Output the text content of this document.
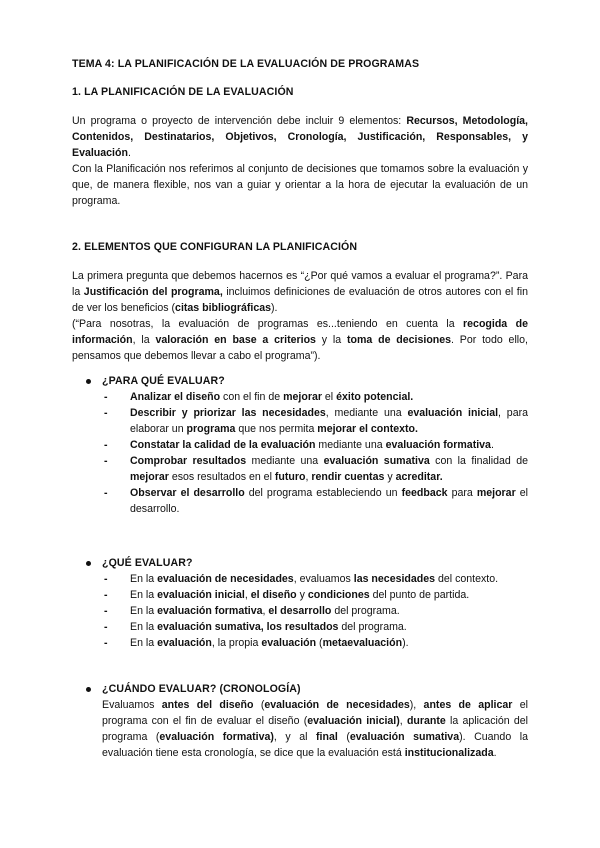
TEMA 4: LA PLANIFICACIÓN DE LA EVALUACIÓN DE PROGRAMAS

1. LA PLANIFICACIÓN DE LA EVALUACIÓN

Un programa o proyecto de intervención debe incluir 9 elementos: Recursos, Metodología, Contenidos, Destinatarios, Objetivos, Cronología, Justificación, Responsables, y Evaluación.

Con la Planificación nos referimos al conjunto de decisiones que tomamos sobre la evaluación y que, de manera flexible, nos van a guiar y orientar a la hora de ejecutar la evaluación de un programa.

2. ELEMENTOS QUE CONFIGURAN LA PLANIFICACIÓN

La primera pregunta que debemos hacernos es “¿Por qué vamos a evaluar el programa?”. Para la Justificación del programa, incluimos definiciones de evaluación de otros autores con el fin de ver los beneficios (citas bibliográficas).

(“Para nosotras, la evaluación de programas es...teniendo en cuenta la recogida de información, la valoración en base a criterios y la toma de decisiones. Por todo ello, pensamos que debemos llevar a cabo el programa”).

¿PARA QUÉ EVALUAR?
- Analizar el diseño con el fin de mejorar el éxito potencial.
- Describir y priorizar las necesidades, mediante una evaluación inicial, para elaborar un programa que nos permita mejorar el contexto.
- Constatar la calidad de la evaluación mediante una evaluación formativa.
- Comprobar resultados mediante una evaluación sumativa con la finalidad de mejorar esos resultados en el futuro, rendir cuentas y acreditar.
- Observar el desarrollo del programa estableciendo un feedback para mejorar el desarrollo.
¿QUÉ EVALUAR?
- En la evaluación de necesidades, evaluamos las necesidades del contexto.
- En la evaluación inicial, el diseño y condiciones del punto de partida.
- En la evaluación formativa, el desarrollo del programa.
- En la evaluación sumativa, los resultados del programa.
- En la evaluación, la propia evaluación (metaevaluación).
¿CUÁNDO EVALUAR? (CRONOLOGÍA)

Evaluamos antes del diseño (evaluación de necesidades), antes de aplicar el programa con el fin de evaluar el diseño (evaluación inicial), durante la aplicación del programa (evaluación formativa), y al final (evaluación sumativa). Cuando la evaluación tiene esta cronología, se dice que la evaluación está institucionalizada.
